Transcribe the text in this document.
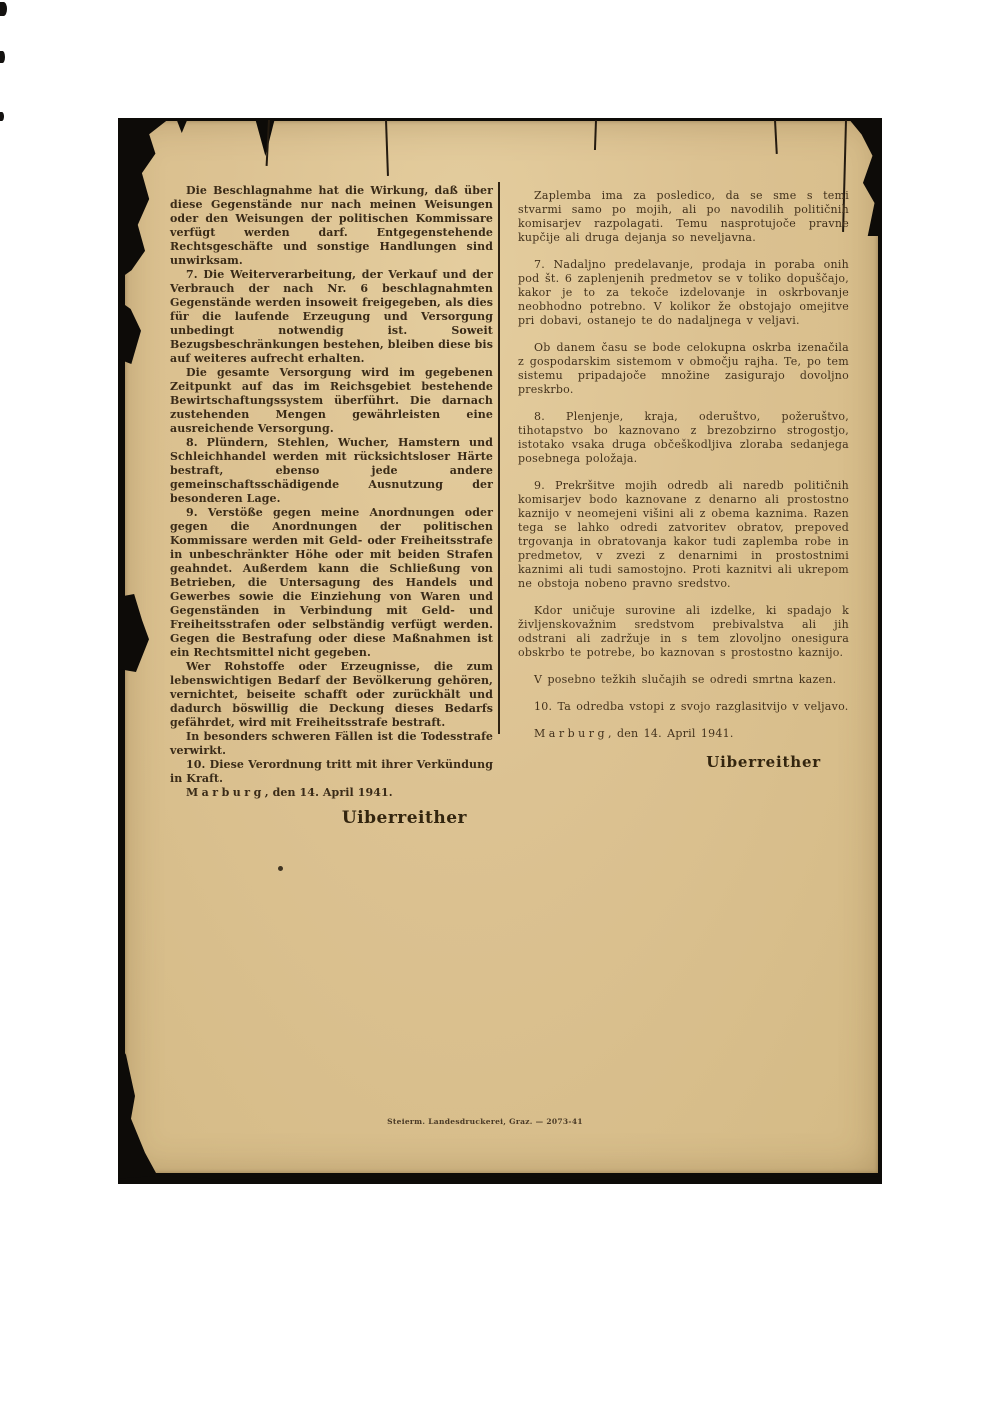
Die Beschlagnahme hat die Wirkung, daß über diese Gegenstände nur nach meinen Weisungen oder den Weisungen der politischen Kommissare verfügt werden darf. Entgegenstehende Rechtsgeschäfte und sonstige Handlungen sind unwirksam.

7. Die Weiterverarbeitung, der Verkauf und der Verbrauch der nach Nr. 6 beschlagnahmten Gegenstände werden insoweit freigegeben, als dies für die laufende Erzeugung und Versorgung unbedingt notwendig ist. Soweit Bezugsbeschränkungen bestehen, bleiben diese bis auf weiteres aufrecht erhalten.

Die gesamte Versorgung wird im gegebenen Zeitpunkt auf das im Reichsgebiet bestehende Bewirtschaftungssystem überführt. Die darnach zustehenden Mengen gewährleisten eine ausreichende Versorgung.

8. Plündern, Stehlen, Wucher, Hamstern und Schleichhandel werden mit rücksichtsloser Härte bestraft, ebenso jede andere gemeinschaftsschädigende Ausnutzung der besonderen Lage.

9. Verstöße gegen meine Anordnungen oder gegen die Anordnungen der politischen Kommissare werden mit Geld- oder Freiheitsstrafe in unbeschränkter Höhe oder mit beiden Strafen geahndet. Außerdem kann die Schließung von Betrieben, die Untersagung des Handels und Gewerbes sowie die Einziehung von Waren und Gegenständen in Verbindung mit Geld- und Freiheitsstrafen oder selbständig verfügt werden. Gegen die Bestrafung oder diese Maßnahmen ist ein Rechtsmittel nicht gegeben.

Wer Rohstoffe oder Erzeugnisse, die zum lebenswichtigen Bedarf der Bevölkerung gehören, vernichtet, beiseite schafft oder zurückhält und dadurch böswillig die Deckung dieses Bedarfs gefährdet, wird mit Freiheitsstrafe bestraft.

In besonders schweren Fällen ist die Todesstrafe verwirkt.

10. Diese Verordnung tritt mit ihrer Verkündung in Kraft.

Marburg, den 14. April 1941.

Uiberreither

Zaplemba ima za posledico, da se sme s temi stvarmi samo po mojih, ali po navodilih političnih komisarjev razpolagati. Temu nasprotujoče pravne kupčije ali druga dejanja so neveljavna.

7. Nadaljno predelavanje, prodaja in poraba onih pod št. 6 zaplenjenih predmetov se v toliko dopuščajo, kakor je to za tekoče izdelovanje in oskrbovanje neobhodno potrebno. V kolikor že obstojajo omejitve pri dobavi, ostanejo te do nadaljnega v veljavi.

Ob danem času se bode celokupna oskrba izenačila z gospodarskim sistemom v območju rajha. Te, po tem sistemu pripadajoče množine zasigurajo dovoljno preskrbo.

8. Plenjenje, kraja, oderuštvo, požeruštvo, tihotapstvo bo kaznovano z brezobzirno strogostjo, istotako vsaka druga občeškodljiva zloraba sedanjega posebnega položaja.

9. Prekršitve mojih odredb ali naredb političnih komisarjev bodo kaznovane z denarno ali prostostno kaznijo v neomejeni višini ali z obema kaznima. Razen tega se lahko odredi zatvoritev obratov, prepoved trgovanja in obratovanja kakor tudi zaplemba robe in predmetov, v zvezi z denarnimi in prostostnimi kaznimi ali tudi samostojno. Proti kaznitvi ali ukrepom ne obstoja nobeno pravno sredstvo.

Kdor uničuje surovine ali izdelke, ki spadajo k življenskovažnim sredstvom prebivalstva ali jih odstrani ali zadržuje in s tem zlovoljno onesigura obskrbo te potrebe, bo kaznovan s prostostno kaznijo.

V posebno težkih slučajih se odredi smrtna kazen.

10. Ta odredba vstopi z svojo razglasitvijo v veljavo.

Marburg, den 14. April 1941.

Uiberreither
Steierm. Landesdruckerei, Graz. — 2073-41
